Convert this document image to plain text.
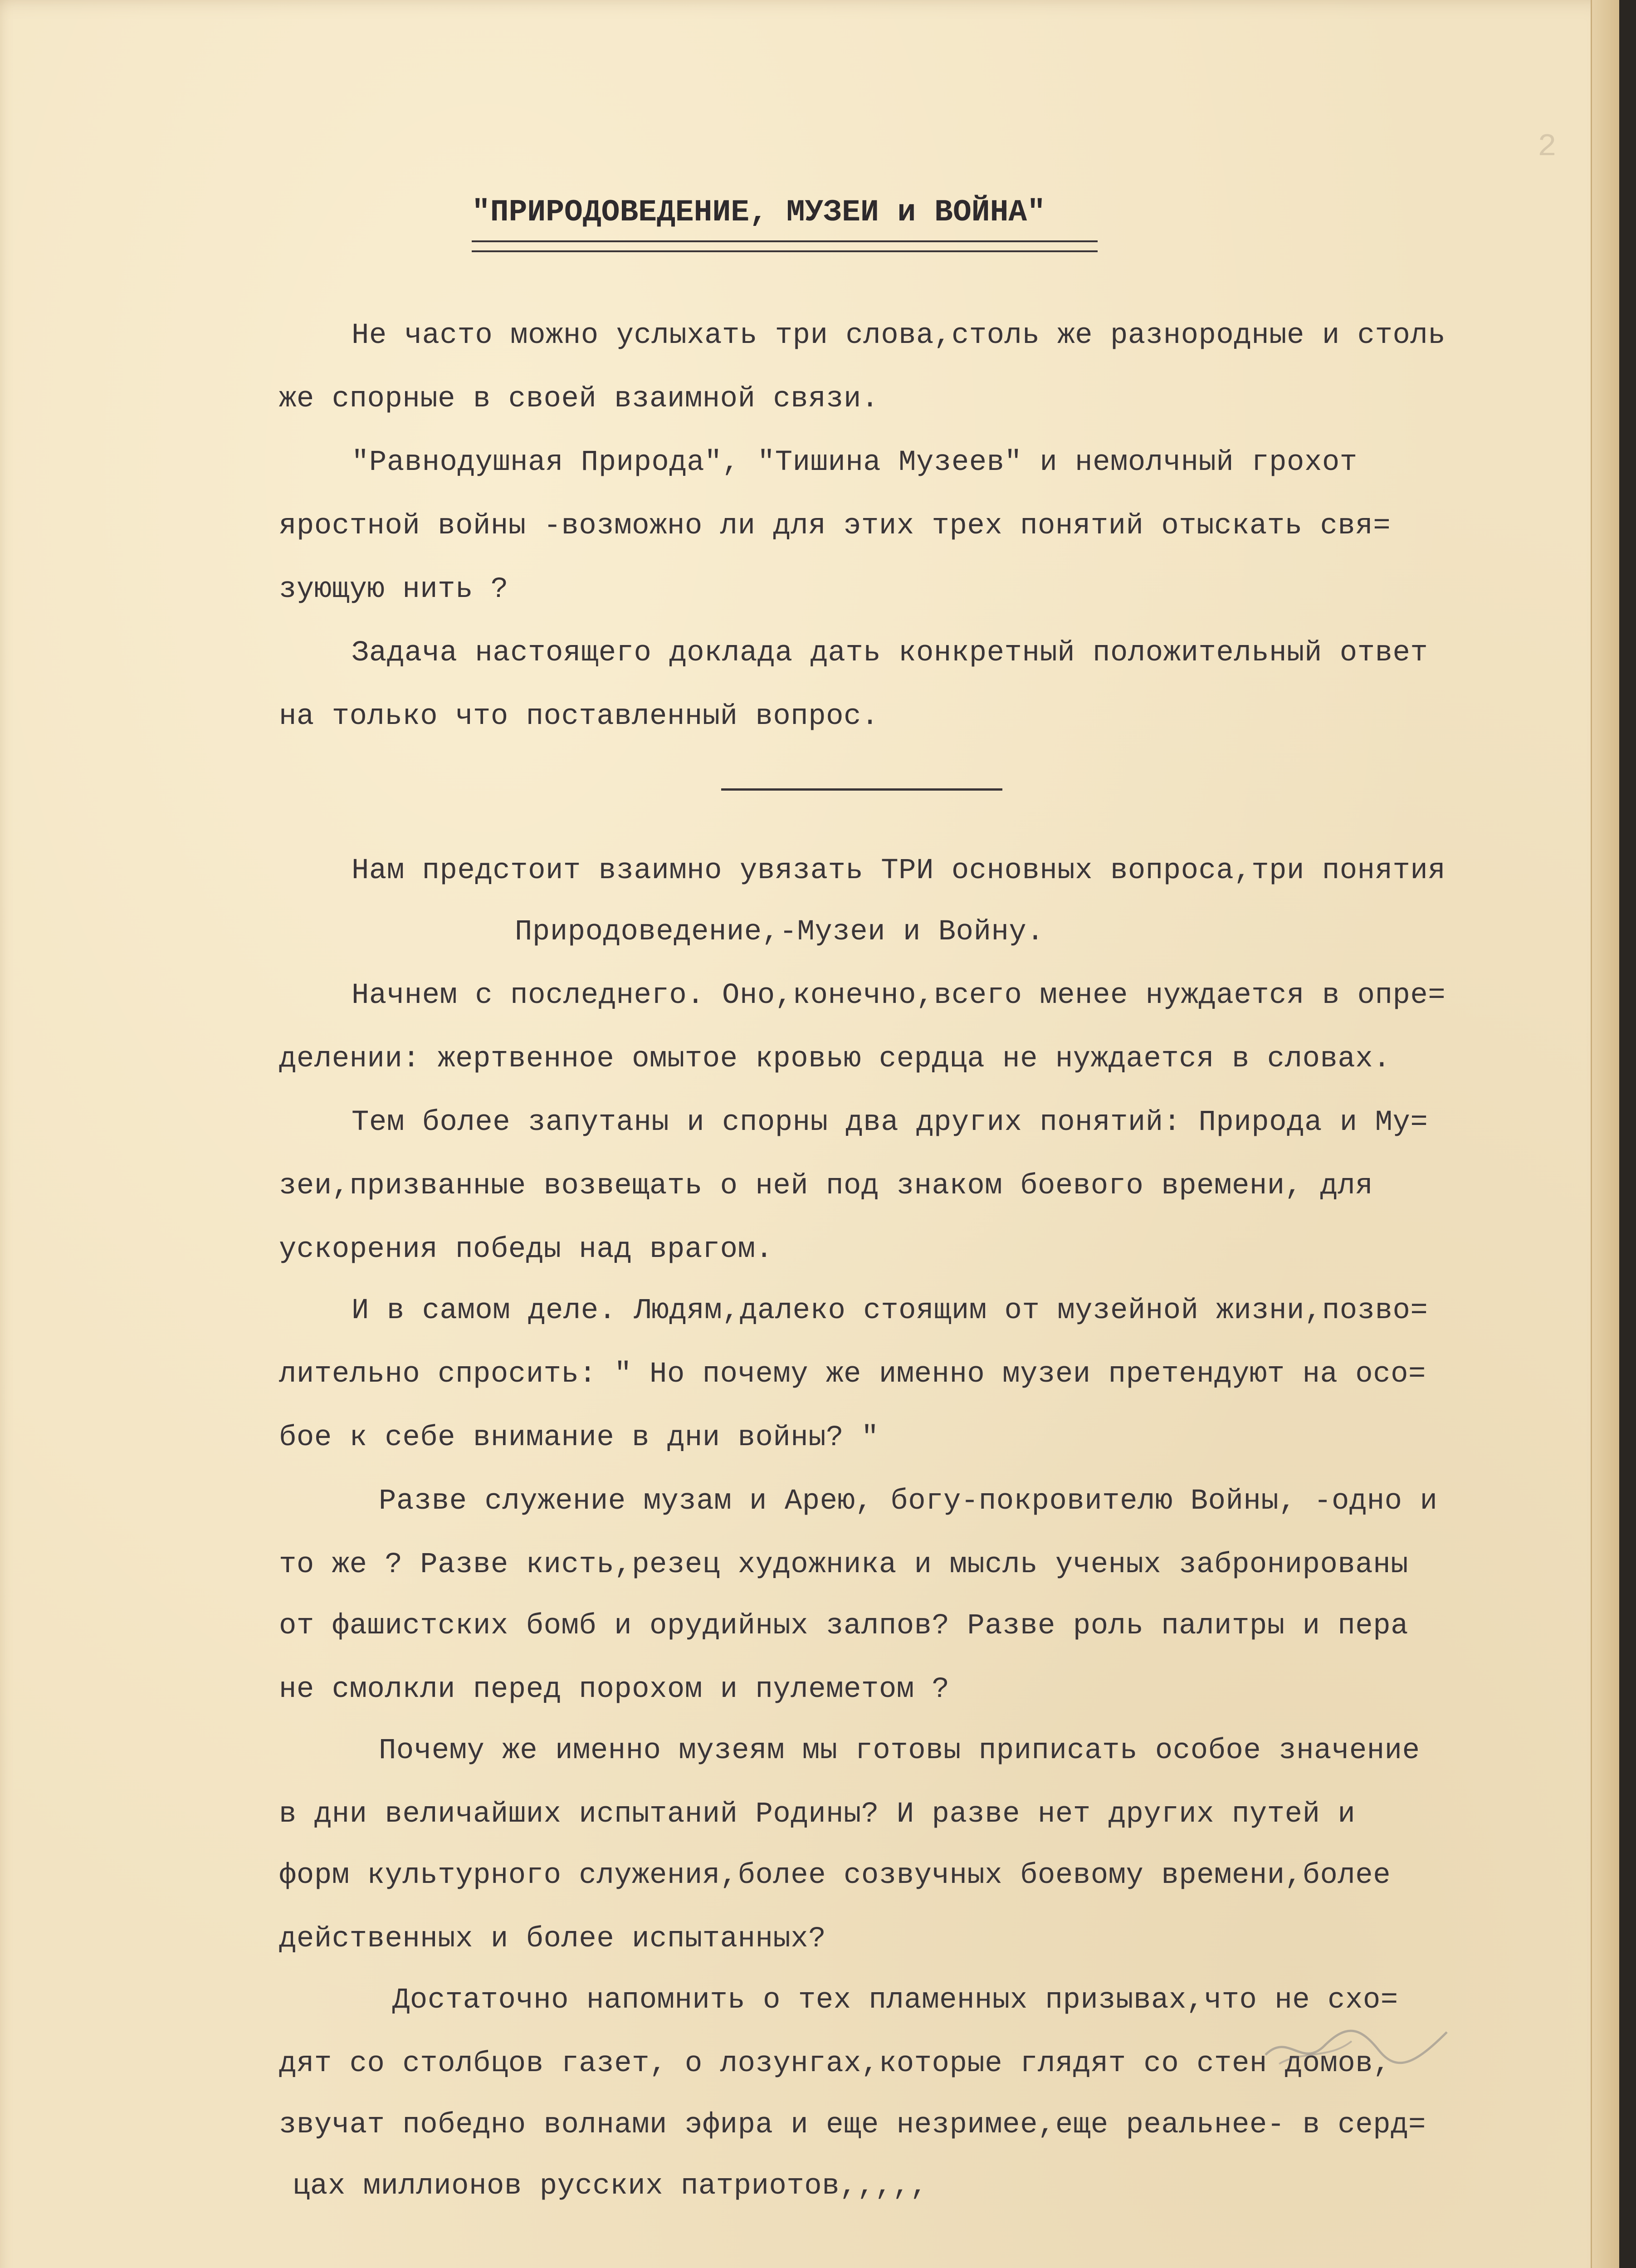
2
"ПРИРОДОВЕДЕНИЕ, МУЗЕИ и ВОЙНА"
Не часто можно услыхать три слова,столь же разнородные и столь
же спорные в своей взаимной связи.
"Равнодушная Природа", "Тишина Музеев" и немолчный грохот
яростной войны -возможно ли для этих трех понятий отыскать свя=
зующую нить ?
Задача настоящего доклада дать конкретный положительный ответ
на только что поставленный вопрос.
Нам предстоит взаимно увязать ТРИ основных вопроса,три понятия
Природоведение,-Музеи и Войну.
Начнем с последнего. Оно,конечно,всего менее нуждается в опре=
делении: жертвенное омытое кровью сердца не нуждается в словах.
Тем более запутаны и спорны два других понятий: Природа и Му=
зеи,призванные возвещать о ней под знаком боевого времени, для
ускорения победы над врагом.
И в самом деле. Людям,далеко стоящим от музейной жизни,позво=
лительно спросить: " Но почему же именно музеи претендуют на осо=
бое к себе внимание в дни войны? "
Разве служение музам и Арею, богу-покровителю Войны, -одно и
то же ? Разве кисть,резец художника и мысль ученых забронированы
от фашистских бомб и орудийных залпов? Разве роль палитры и пера
не смолкли перед порохом и пулеметом ?
Почему же именно музеям мы готовы приписать особое значение
в дни величайших испытаний Родины? И разве нет других путей и
форм культурного служения,более созвучных боевому времени,более
действенных и более испытанных?
Достаточно напомнить о тех пламенных призывах,что не схо=
дят со столбцов газет, о лозунгах,которые глядят со стен домов,
звучат победно волнами эфира и еще незримее,еще реальнее- в серд=
цах миллионов русских патриотов,,,,,
